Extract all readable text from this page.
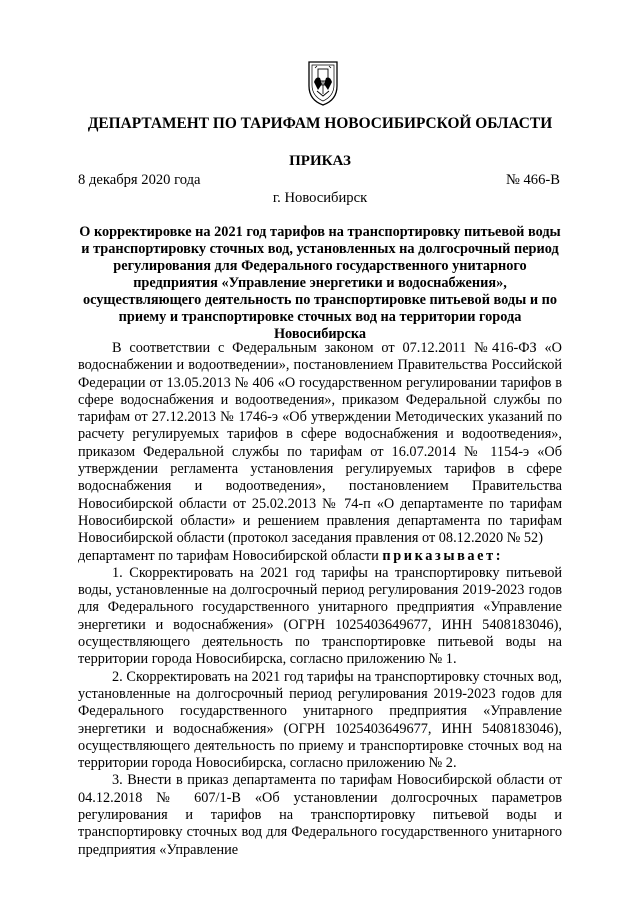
ДЕПАРТАМЕНТ ПО ТАРИФАМ НОВОСИБИРСКОЙ ОБЛАСТИ
ПРИКАЗ
8 декабря 2020 года	№ 466-В
г. Новосибирск

О корректировке на 2021 год тарифов на транспортировку питьевой воды и транспортировку сточных вод, установленных на долгосрочный период регулирования для Федерального государственного унитарного предприятия «Управление энергетики и водоснабжения», осуществляющего деятельность по транспортировке питьевой воды и по приему и транспортировке сточных вод на территории города Новосибирска

В соответствии с Федеральным законом от 07.12.2011 №416-ФЗ «О водоснабжении и водоотведении», постановлением Правительства Российской Федерации от 13.05.2013 № 406 «О государственном регулировании тарифов в сфере водоснабжения и водоотведения», приказом Федеральной службы по тарифам от 27.12.2013 № 1746-э «Об утверждении Методических указаний по расчету регулируемых тарифов в сфере водоснабжения и водоотведения», приказом Федеральной службы по тарифам от 16.07.2014 № 1154-э «Об утверждении регламента установления регулируемых тарифов в сфере водоснабжения и водоотведения», постановлением Правительства Новосибирской области от 25.02.2013 № 74-п «О департаменте по тарифам Новосибирской области» и решением правления департамента по тарифам Новосибирской области (протокол заседания правления от 08.12.2020 № 52)

департамент по тарифам Новосибирской области приказывает:

1. Скорректировать на 2021 год тарифы на транспортировку питьевой воды, установленные на долгосрочный период регулирования 2019-2023 годов для Федерального государственного унитарного предприятия «Управление энергетики и водоснабжения» (ОГРН 1025403649677, ИНН 5408183046), осуществляющего деятельность по транспортировке питьевой воды на территории города Новосибирска, согласно приложению № 1.

2. Скорректировать на 2021 год тарифы на транспортировку сточных вод, установленные на долгосрочный период регулирования 2019-2023 годов для Федерального государственного унитарного предприятия «Управление энергетики и водоснабжения» (ОГРН 1025403649677, ИНН 5408183046), осуществляющего деятельность по приему и транспортировке сточных вод на территории города Новосибирска, согласно приложению № 2.

3. Внести в приказ департамента по тарифам Новосибирской области от 04.12.2018 № 607/1-В «Об установлении долгосрочных параметров регулирования и тарифов на транспортировку питьевой воды и транспортировку сточных вод для Федерального государственного унитарного предприятия «Управление
